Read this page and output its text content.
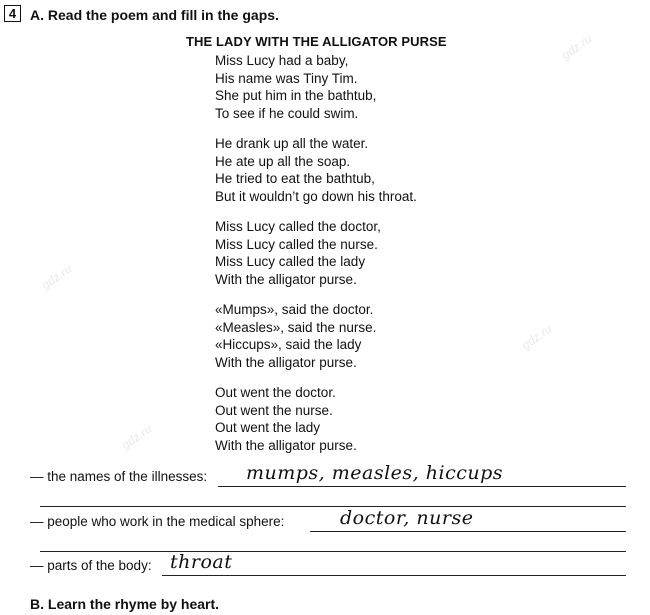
4 A. Read the poem and fill in the gaps.
THE LADY WITH THE ALLIGATOR PURSE
Miss Lucy had a baby,
His name was Tiny Tim.
She put him in the bathtub,
To see if he could swim.
He drank up all the water.
He ate up all the soap.
He tried to eat the bathtub,
But it wouldn’t go down his throat.
Miss Lucy called the doctor,
Miss Lucy called the nurse.
Miss Lucy called the lady
With the alligator purse.
«Mumps», said the doctor.
«Measles», said the nurse.
«Hiccups», said the lady
With the alligator purse.
Out went the doctor.
Out went the nurse.
Out went the lady
With the alligator purse.
— the names of the illnesses: mumps, measles, hiccups
— people who work in the medical sphere:	doctor, nurse
— parts of the body: throat
B. Learn the rhyme by heart.
gdz.ru
gdz.ru
gdz.ru
gdz.ru
